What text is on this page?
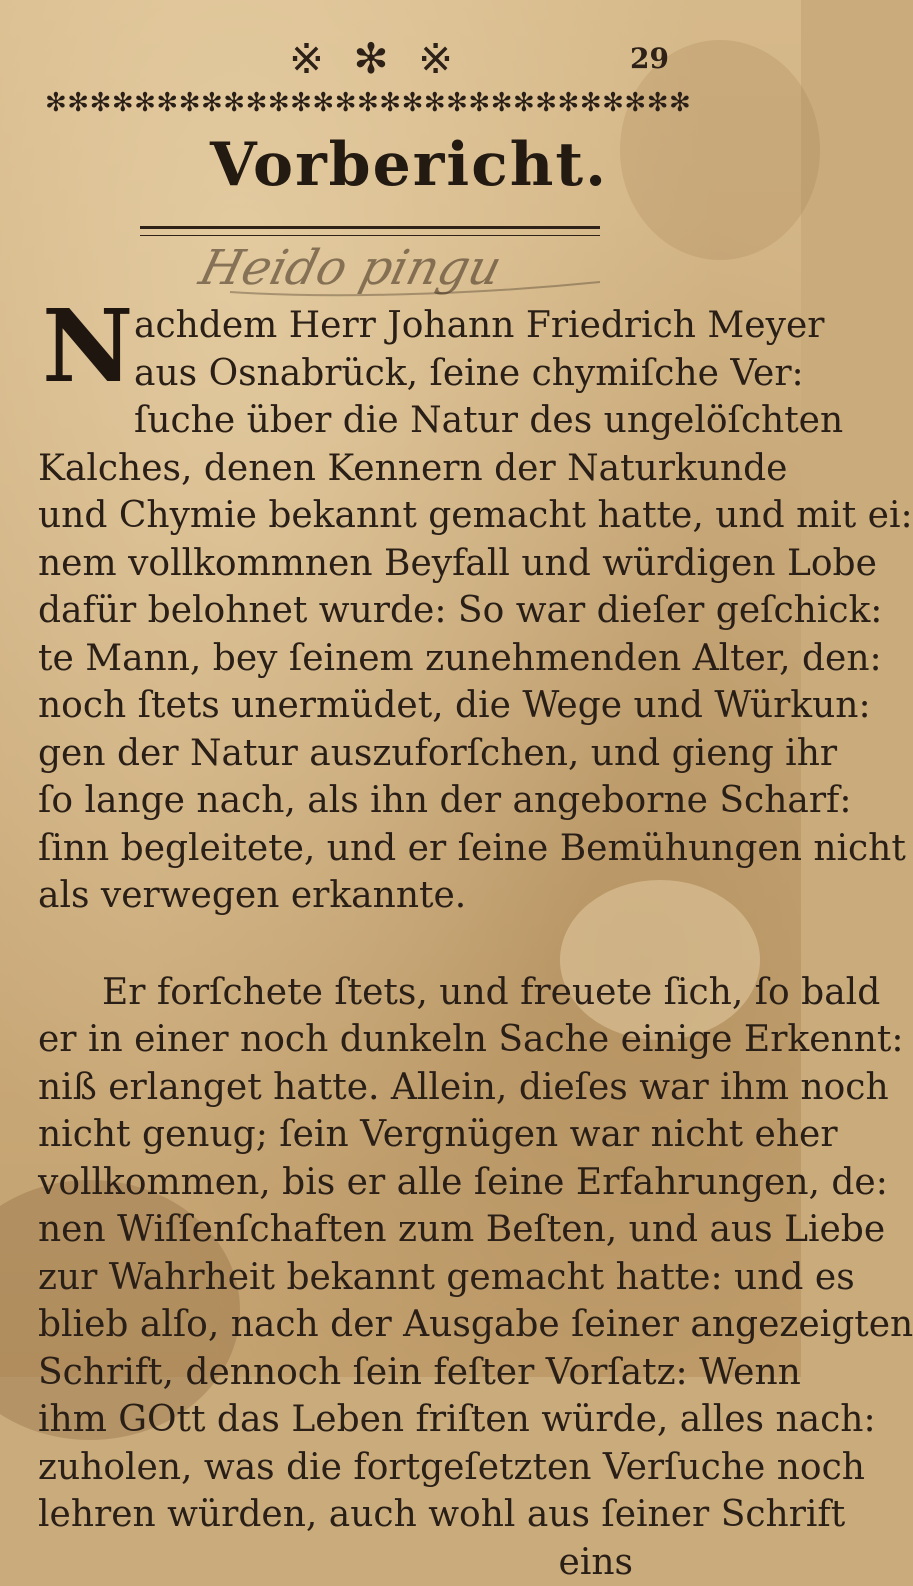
※ ✻ ※	29
✻✻✻✻✻✻✻✻✻✻✻✻✻✻✻✻✻✻✻✻✻✻✻✻✻✻✻✻✻
Vorbericht.
Heido pingu
N achdem Herr Johann Friedrich Meyer
aus Osnabrück, ſeine chymiſche Ver:
ſuche über die Natur des ungelöſchten
Kalches, denen Kennern der Naturkunde
und Chymie bekannt gemacht hatte, und mit ei:
nem vollkommnen Beyfall und würdigen Lobe
dafür belohnet wurde: So war dieſer geſchick:
te Mann, bey ſeinem zunehmenden Alter, den:
noch ſtets unermüdet, die Wege und Würkun:
gen der Natur auszuforſchen, und gieng ihr
ſo lange nach, als ihn der angeborne Scharf:
ſinn begleitete, und er ſeine Bemühungen nicht
als verwegen erkannte.
Er forſchete ſtets, und freuete ſich, ſo bald
er in einer noch dunkeln Sache einige Erkennt:
niß erlanget hatte. Allein, dieſes war ihm noch
nicht genug; ſein Vergnügen war nicht eher
vollkommen, bis er alle ſeine Erfahrungen, de:
nen Wiſſenſchaften zum Beſten, und aus Liebe
zur Wahrheit bekannt gemacht hatte: und es
blieb alſo, nach der Ausgabe ſeiner angezeigten
Schrift, dennoch ſein feſter Vorſatz: Wenn
ihm GOtt das Leben friſten würde, alles nach:
zuholen, was die fortgeſetzten Verſuche noch
lehren würden, auch wohl aus ſeiner Schrift
eins
